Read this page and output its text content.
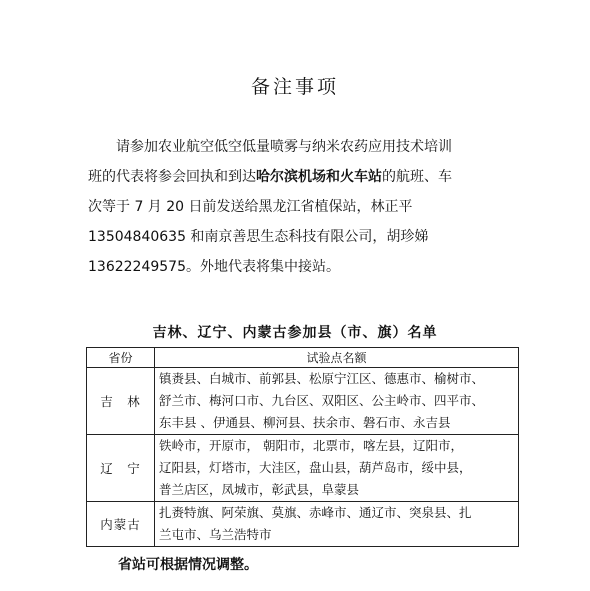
备注事项
请参加农业航空低空低量喷雾与纳米农药应用技术培训
班的代表将参会回执和到达哈尔滨机场和火车站的航班、车
次等于 7 月 20 日前发送给黑龙江省植保站，林正平
13504840635 和南京善思生态科技有限公司，胡珍娣
13622249575。外地代表将集中接站。
吉林、辽宁、内蒙古参加县（市、旗）名单
省份	试验点名额
吉　林	镇赉县、白城市、前郭县、松原宁江区、德惠市、榆树市、
舒兰市、梅河口市、九台区、双阳区、公主岭市、四平市、
东丰县 、伊通县、柳河县、扶余市、磐石市、永吉县

辽　宁	铁岭市，开原市， 朝阳市，北票市，喀左县，辽阳市，
辽阳县，灯塔市，大洼区，盘山县，葫芦岛市，绥中县，
普兰店区，凤城市，彰武县，阜蒙县

内蒙古	扎赉特旗、阿荣旗、莫旗、赤峰市、通辽市、突泉县、扎
兰屯市、乌兰浩特市
省站可根据情况调整。
